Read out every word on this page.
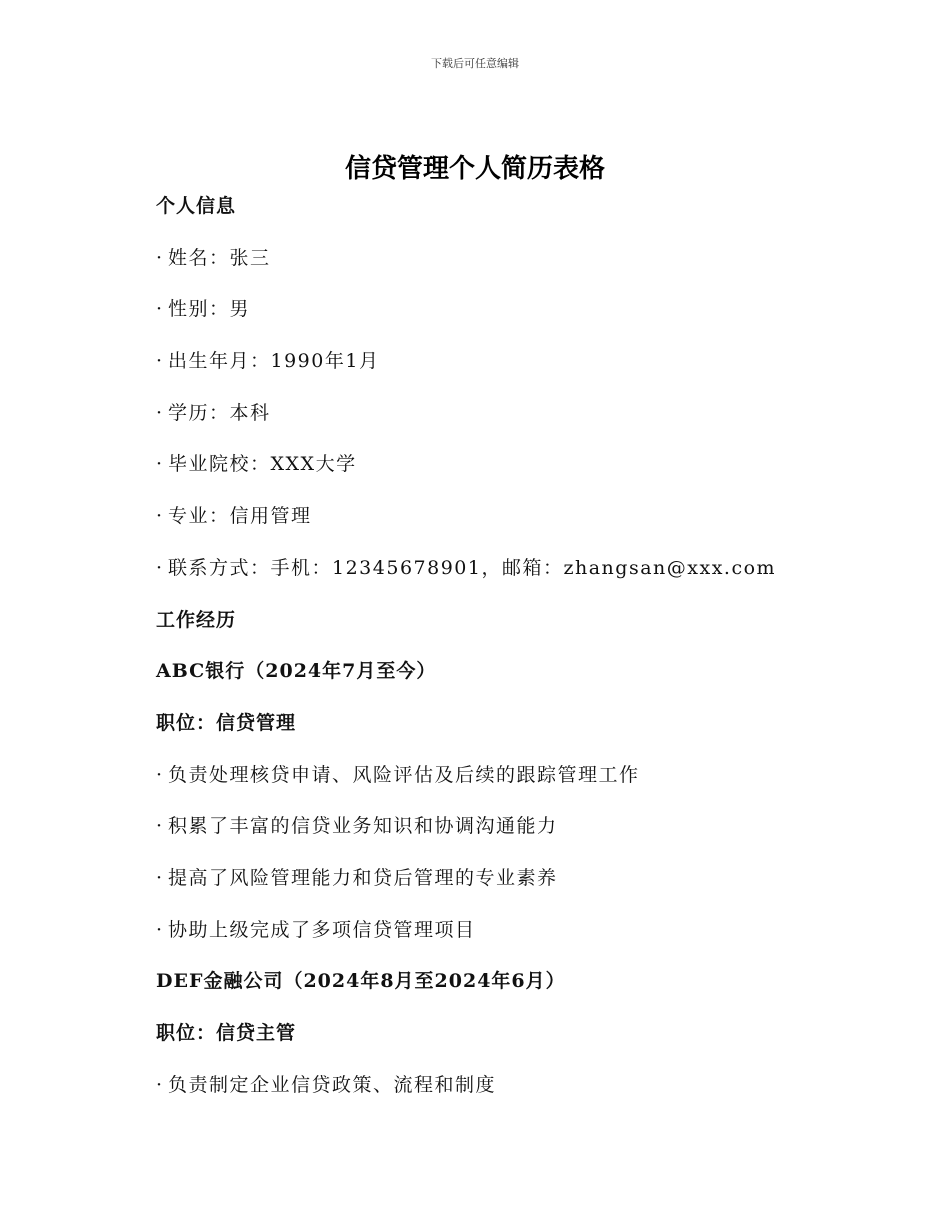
下载后可任意编辑
信贷管理个人简历表格
个人信息
· 姓名：张三
· 性别：男
· 出生年月：1990年1月
· 学历：本科
· 毕业院校：XXX大学
· 专业：信用管理
· 联系方式：手机：12345678901，邮箱：zhangsan@xxx.com
工作经历
ABC银行（2024年7月至今）
职位：信贷管理
· 负责处理核贷申请、风险评估及后续的跟踪管理工作
· 积累了丰富的信贷业务知识和协调沟通能力
· 提高了风险管理能力和贷后管理的专业素养
· 协助上级完成了多项信贷管理项目
DEF金融公司（2024年8月至2024年6月）
职位：信贷主管
· 负责制定企业信贷政策、流程和制度
